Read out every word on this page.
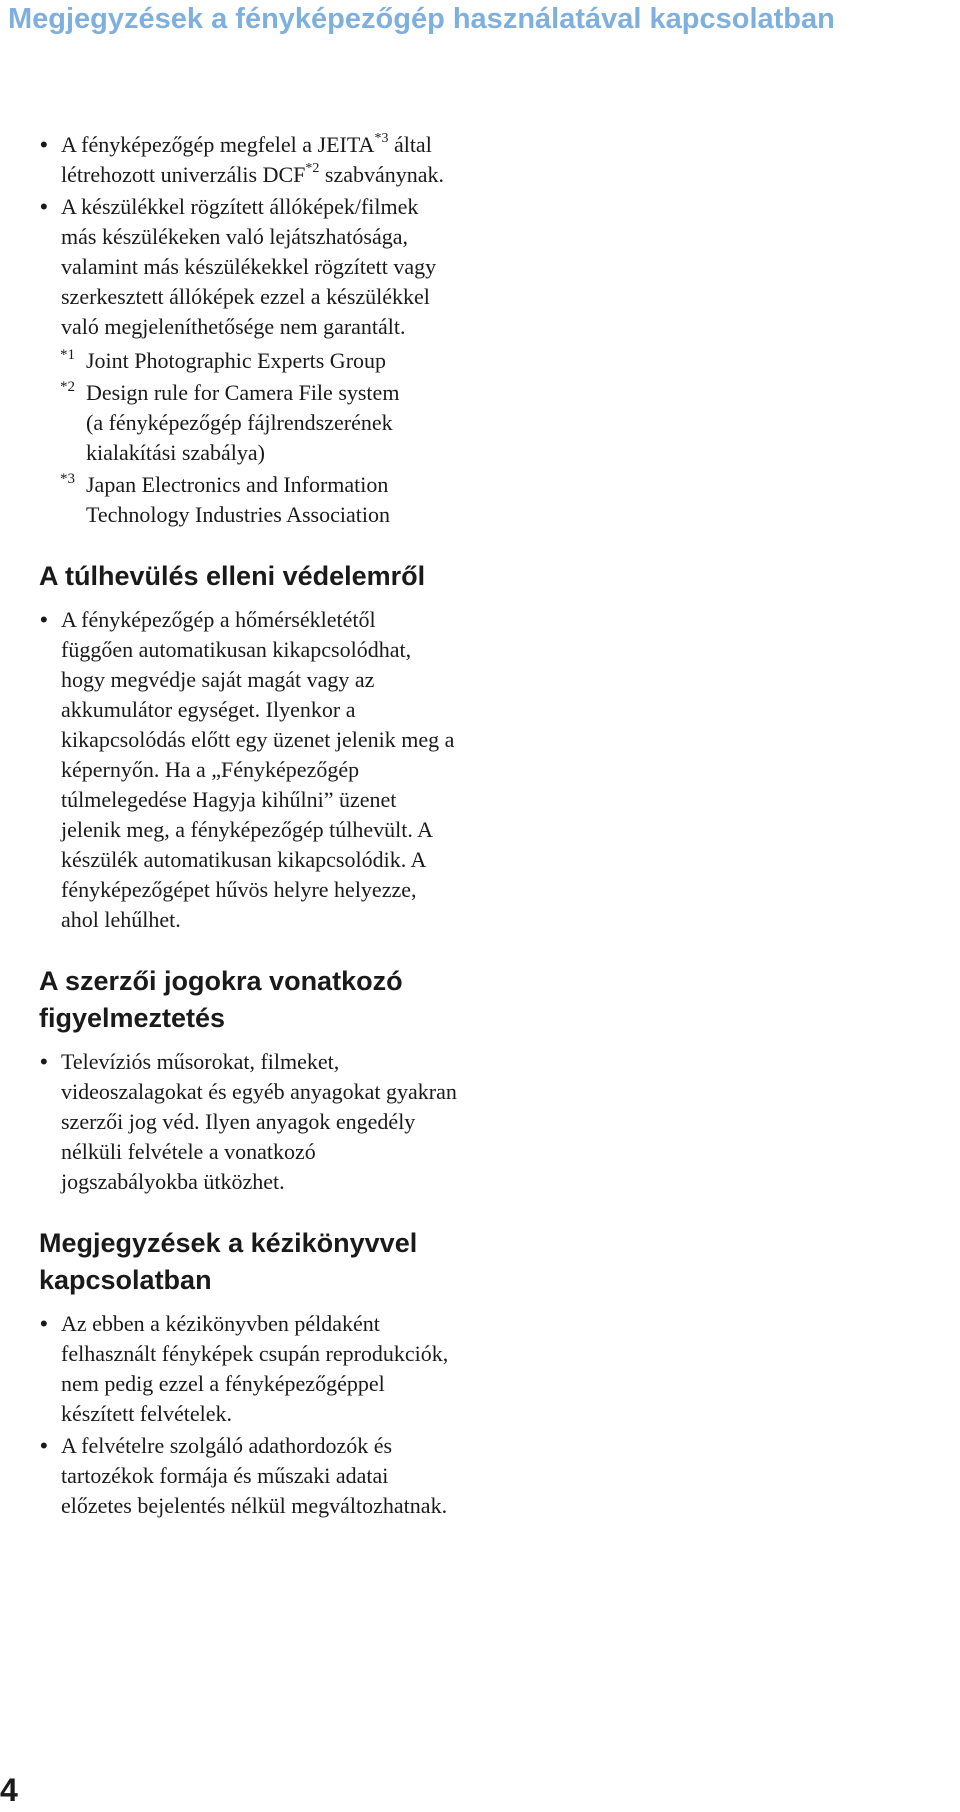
Megjegyzések a fényképezőgép használatával kapcsolatban
• A fényképezőgép megfelel a JEITA$^{*3}$ által
létrehozott univerzális DCF$^{*2}$ szabványnak.
• A készülékkel rögzített állóképek/filmek
más készülékeken való lejátszhatósága,
valamint más készülékekkel rögzített vagy
szerkesztett állóképek ezzel a készülékkel
való megjeleníthetősége nem garantált.
*1 Joint Photographic Experts Group
*2 Design rule for Camera File system
(a fényképezőgép fájlrendszerének
kialakítási szabálya)
*3 Japan Electronics and Information
Technology Industries Association
A túlhevülés elleni védelemről
• A fényképezőgép a hőmérsékletétől
függően automatikusan kikapcsolódhat,
hogy megvédje saját magát vagy az
akkumulátor egységet. Ilyenkor a
kikapcsolódás előtt egy üzenet jelenik meg a
képernyőn. Ha a „Fényképezőgép
túlmelegedése Hagyja kihűlni” üzenet
jelenik meg, a fényképezőgép túlhevült. A
készülék automatikusan kikapcsolódik. A
fényképezőgépet hűvös helyre helyezze,
ahol lehűlhet.
A szerzői jogokra vonatkozó
figyelmeztetés
• Televíziós műsorokat, filmeket,
videoszalagokat és egyéb anyagokat gyakran
szerzői jog véd. Ilyen anyagok engedély
nélküli felvétele a vonatkozó
jogszabályokba ütközhet.
Megjegyzések a kézikönyvvel
kapcsolatban
• Az ebben a kézikönyvben példaként
felhasznált fényképek csupán reprodukciók,
nem pedig ezzel a fényképezőgéppel
készített felvételek.
• A felvételre szolgáló adathordozók és
tartozékok formája és műszaki adatai
előzetes bejelentés nélkül megváltozhatnak.
4
